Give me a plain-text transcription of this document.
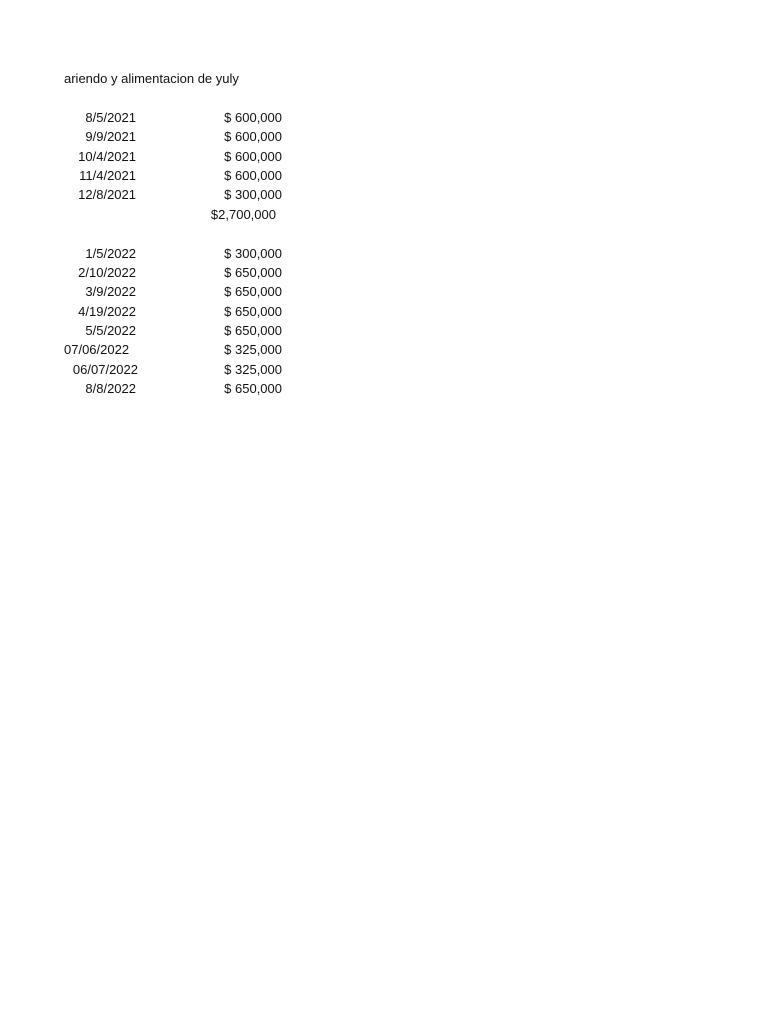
ariendo y alimentacion de yuly
8/5/2021	$ 600,000
9/9/2021	$ 600,000
10/4/2021	$ 600,000
11/4/2021	$ 600,000
12/8/2021	$ 300,000
$2,700,000
1/5/2022	$ 300,000
2/10/2022	$ 650,000
3/9/2022	$ 650,000
4/19/2022	$ 650,000
5/5/2022	$ 650,000
07/06/2022	$ 325,000
06/07/2022	$ 325,000
8/8/2022	$ 650,000
